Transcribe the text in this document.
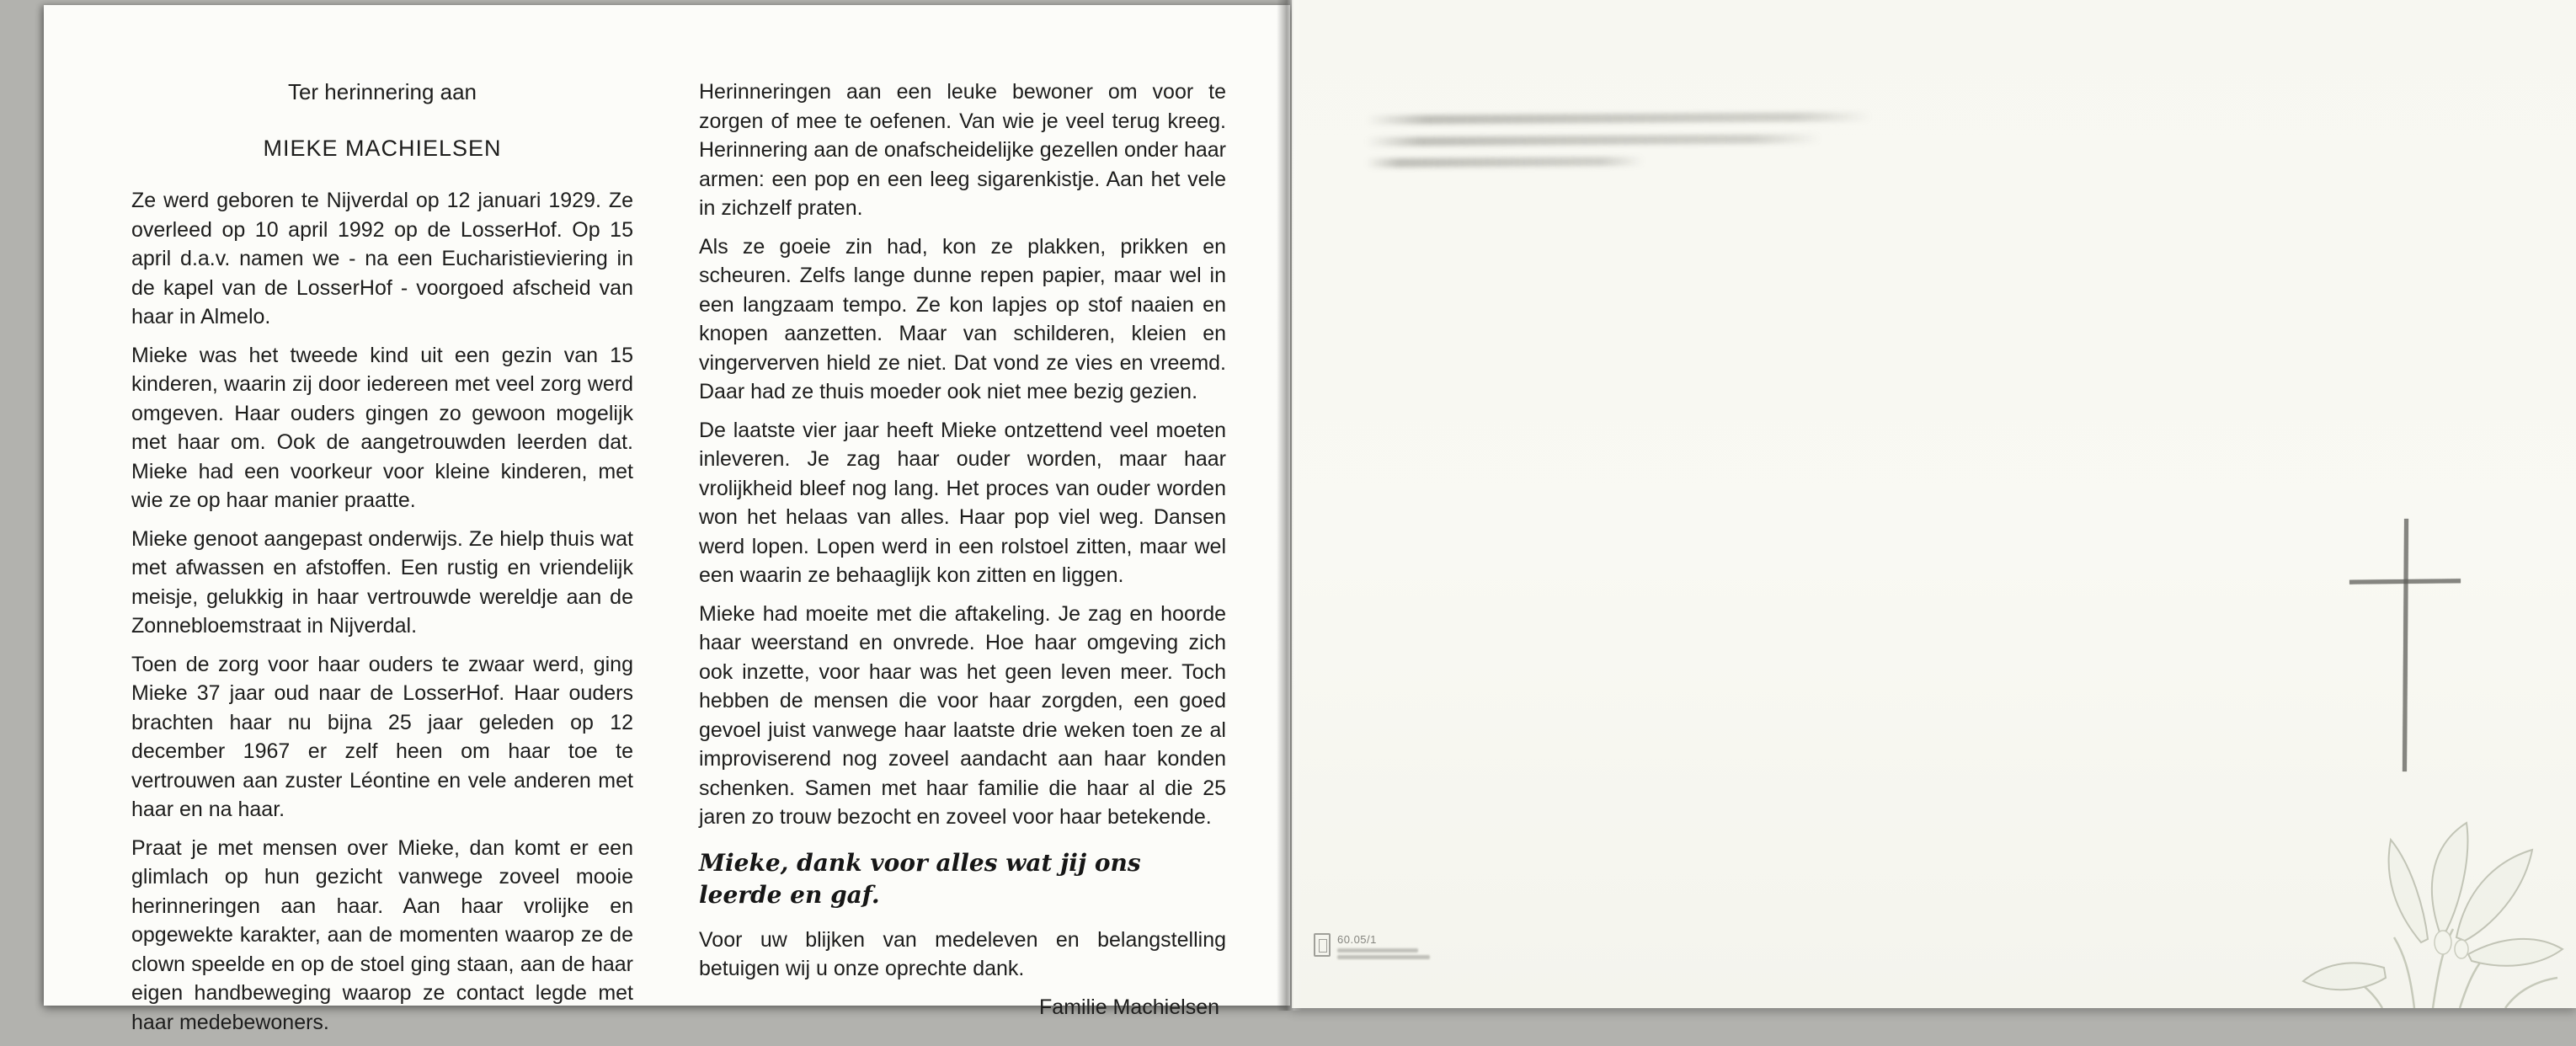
Ter herinnering aan
MIEKE MACHIELSEN

Ze werd geboren te Nijverdal op 12 januari 1929. Ze overleed op 10 april 1992 op de LosserHof. Op 15 april d.a.v. namen we - na een Eucharistieviering in de kapel van de LosserHof - voorgoed afscheid van haar in Almelo.

Mieke was het tweede kind uit een gezin van 15 kinderen, waarin zij door iedereen met veel zorg werd omgeven. Haar ouders gingen zo gewoon mogelijk met haar om. Ook de aangetrouwden leerden dat. Mieke had een voorkeur voor kleine kinderen, met wie ze op haar manier praatte.

Mieke genoot aangepast onderwijs. Ze hielp thuis wat met afwassen en afstoffen. Een rustig en vriendelijk meisje, gelukkig in haar vertrouwde wereldje aan de Zonnebloemstraat in Nijverdal.

Toen de zorg voor haar ouders te zwaar werd, ging Mieke 37 jaar oud naar de LosserHof. Haar ouders brachten haar nu bijna 25 jaar geleden op 12 december 1967 er zelf heen om haar toe te vertrouwen aan zuster Léontine en vele anderen met haar en na haar.

Praat je met mensen over Mieke, dan komt er een glimlach op hun gezicht vanwege zoveel mooie herinneringen aan haar. Aan haar vrolijke en opgewekte karakter, aan de momenten waarop ze de clown speelde en op de stoel ging staan, aan de haar eigen handbeweging waarop ze contact legde met haar medebewoners.

Herinneringen aan een leuke bewoner om voor te zorgen of mee te oefenen. Van wie je veel terug kreeg. Herinnering aan de onafscheidelijke gezellen onder haar armen: een pop en een leeg sigarenkistje. Aan het vele in zichzelf praten.

Als ze goeie zin had, kon ze plakken, prikken en scheuren. Zelfs lange dunne repen papier, maar wel in een langzaam tempo. Ze kon lapjes op stof naaien en knopen aanzetten. Maar van schilderen, kleien en vingerverven hield ze niet. Dat vond ze vies en vreemd. Daar had ze thuis moeder ook niet mee bezig gezien.

De laatste vier jaar heeft Mieke ontzettend veel moeten inleveren. Je zag haar ouder worden, maar haar vrolijkheid bleef nog lang. Het proces van ouder worden won het helaas van alles. Haar pop viel weg. Dansen werd lopen. Lopen werd in een rolstoel zitten, maar wel een waarin ze behaaglijk kon zitten en liggen.

Mieke had moeite met die aftakeling. Je zag en hoorde haar weerstand en onvrede. Hoe haar omgeving zich ook inzette, voor haar was het geen leven meer. Toch hebben de mensen die voor haar zorgden, een goed gevoel juist vanwege haar laatste drie weken toen ze al improviserend nog zoveel aandacht aan haar konden schenken. Samen met haar familie die haar al die 25 jaren zo trouw bezocht en zoveel voor haar betekende.

Mieke, dank voor alles wat jij ons leerde en gaf.

Voor uw blijken van medeleven en belangstelling betuigen wij u onze oprechte dank.

Familie Machielsen
60.05/1
